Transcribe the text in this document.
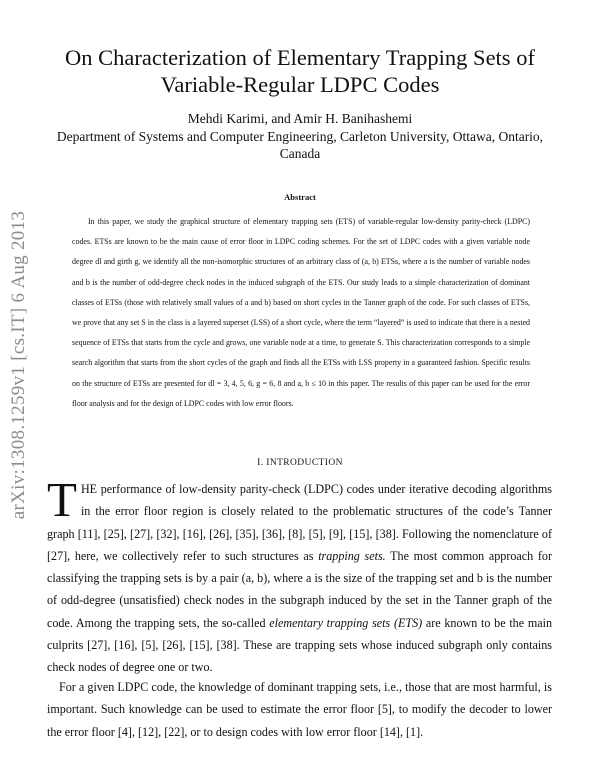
arXiv:1308.1259v1 [cs.IT] 6 Aug 2013
On Characterization of Elementary Trapping Sets of Variable-Regular LDPC Codes
Mehdi Karimi, and Amir H. Banihashemi
Department of Systems and Computer Engineering, Carleton University, Ottawa, Ontario, Canada
Abstract

In this paper, we study the graphical structure of elementary trapping sets (ETS) of variable-regular low-density parity-check (LDPC) codes. ETSs are known to be the main cause of error floor in LDPC coding schemes. For the set of LDPC codes with a given variable node degree dl and girth g, we identify all the non-isomorphic structures of an arbitrary class of (a, b) ETSs, where a is the number of variable nodes and b is the number of odd-degree check nodes in the induced subgraph of the ETS. Our study leads to a simple characterization of dominant classes of ETSs (those with relatively small values of a and b) based on short cycles in the Tanner graph of the code. For such classes of ETSs, we prove that any set S in the class is a layered superset (LSS) of a short cycle, where the term “layered” is used to indicate that there is a nested sequence of ETSs that starts from the cycle and grows, one variable node at a time, to generate S. This characterization corresponds to a simple search algorithm that starts from the short cycles of the graph and finds all the ETSs with LSS property in a guaranteed fashion. Specific results on the structure of ETSs are presented for dl = 3, 4, 5, 6, g = 6, 8 and a, b ≤ 10 in this paper. The results of this paper can be used for the error floor analysis and for the design of LDPC codes with low error floors.

I. INTRODUCTION

THE performance of low-density parity-check (LDPC) codes under iterative decoding algorithms in the error floor region is closely related to the problematic structures of the code’s Tanner graph [11], [25], [27], [32], [16], [26], [35], [36], [8], [5], [9], [15], [38]. Following the nomenclature of [27], here, we collectively refer to such structures as trapping sets. The most common approach for classifying the trapping sets is by a pair (a, b), where a is the size of the trapping set and b is the number of odd-degree (unsatisfied) check nodes in the subgraph induced by the set in the Tanner graph of the code. Among the trapping sets, the so-called elementary trapping sets (ETS) are known to be the main culprits [27], [16], [5], [26], [15], [38]. These are trapping sets whose induced subgraph only contains check nodes of degree one or two.

For a given LDPC code, the knowledge of dominant trapping sets, i.e., those that are most harmful, is important. Such knowledge can be used to estimate the error floor [5], to modify the decoder to lower the error floor [4], [12], [22], or to design codes with low error floor [14], [1].
